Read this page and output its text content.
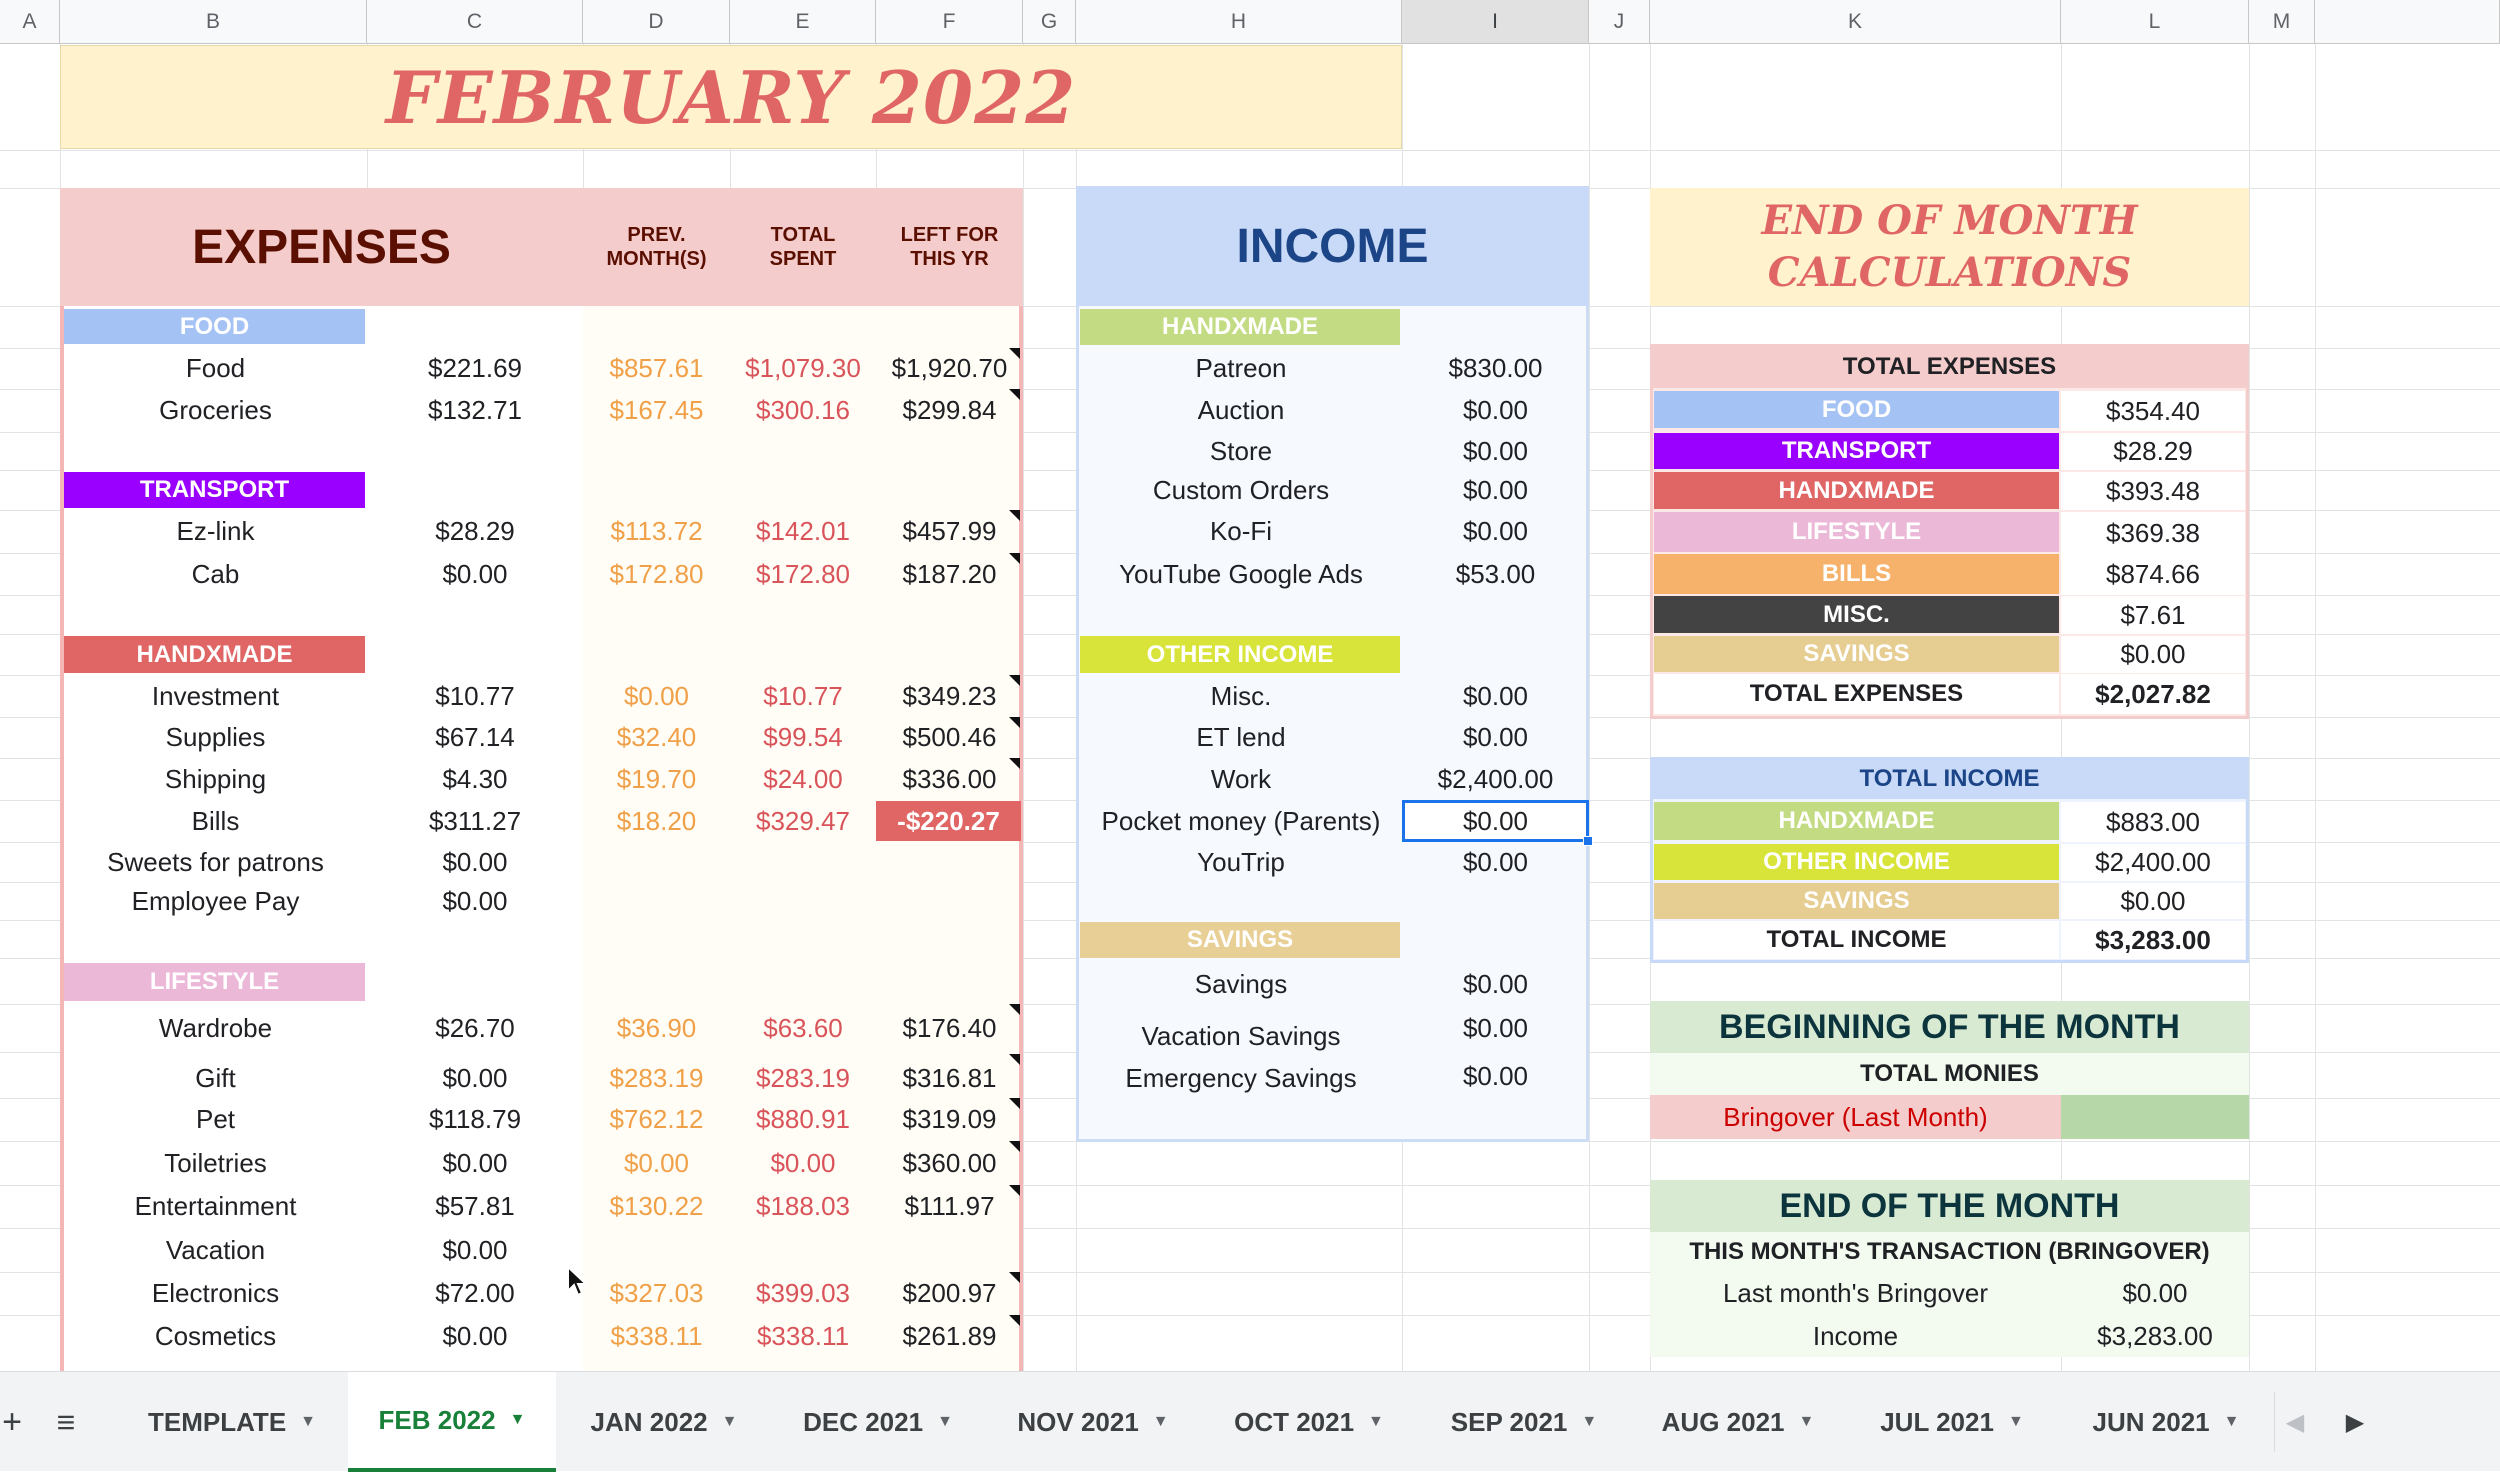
A	B	C	D	E	F	G	H	I	J	K	L	M
FEBRUARY 2022
EXPENSES	PREV. MONTH(S)
TOTAL SPENT
LEFT FOR THIS YR
FOOD
TRANSPORT
HANDXMADE
LIFESTYLE
Food	$221.69	$857.61	$1,079.30	$1,920.70
Groceries	$132.71	$167.45	$300.16	$299.84
Ez-link	$28.29	$113.72	$142.01	$457.99
Cab	$0.00	$172.80	$172.80	$187.20
Investment	$10.77	$0.00	$10.77	$349.23
Supplies	$67.14	$32.40	$99.54	$500.46
Shipping	$4.30	$19.70	$24.00	$336.00
Bills	$311.27	$18.20	$329.47	-$220.27
Sweets for patrons	$0.00
Employee Pay	$0.00
Wardrobe	$26.70	$36.90	$63.60	$176.40
Gift	$0.00	$283.19	$283.19	$316.81
Pet	$118.79	$762.12	$880.91	$319.09
Toiletries	$0.00	$0.00	$0.00	$360.00
Entertainment	$57.81	$130.22	$188.03	$111.97
Vacation	$0.00
Electronics	$72.00	$327.03	$399.03	$200.97
Cosmetics	$0.00	$338.11	$338.11	$261.89
INCOME
HANDXMADE
OTHER INCOME
SAVINGS
Patreon	$830.00
Auction	$0.00
Store	$0.00
Custom Orders	$0.00
Ko-Fi	$0.00
YouTube Google Ads	$53.00
Misc.	$0.00
ET lend	$0.00
Work	$2,400.00
Pocket money (Parents)	$0.00
YouTrip	$0.00
Savings	$0.00
Vacation Savings	$0.00
Emergency Savings	$0.00
END OF MONTH
CALCULATIONS
TOTAL EXPENSES
FOOD	$354.40
TRANSPORT	$28.29
HANDXMADE	$393.48
LIFESTYLE	$369.38
BILLS	$874.66
MISC.	$7.61
SAVINGS	$0.00
TOTAL EXPENSES	$2,027.82
TOTAL INCOME
HANDXMADE	$883.00
OTHER INCOME	$2,400.00
SAVINGS	$0.00
TOTAL INCOME	$3,283.00
BEGINNING OF THE MONTH
TOTAL MONIES
Bringover (Last Month)
END OF THE MONTH
THIS MONTH'S TRANSACTION (BRINGOVER)
Last month's Bringover	$0.00
Income	$3,283.00
+	≡	TEMPLATE ▼ FEB 2022 ▼	JAN 2022 ▼	DEC 2021 ▼ NOV 2021 ▼	OCT 2021 ▼	SEP 2021 ▼ AUG 2021 ▼	JUL 2021 ▼	JUN 2021 ▼	◀	▶
